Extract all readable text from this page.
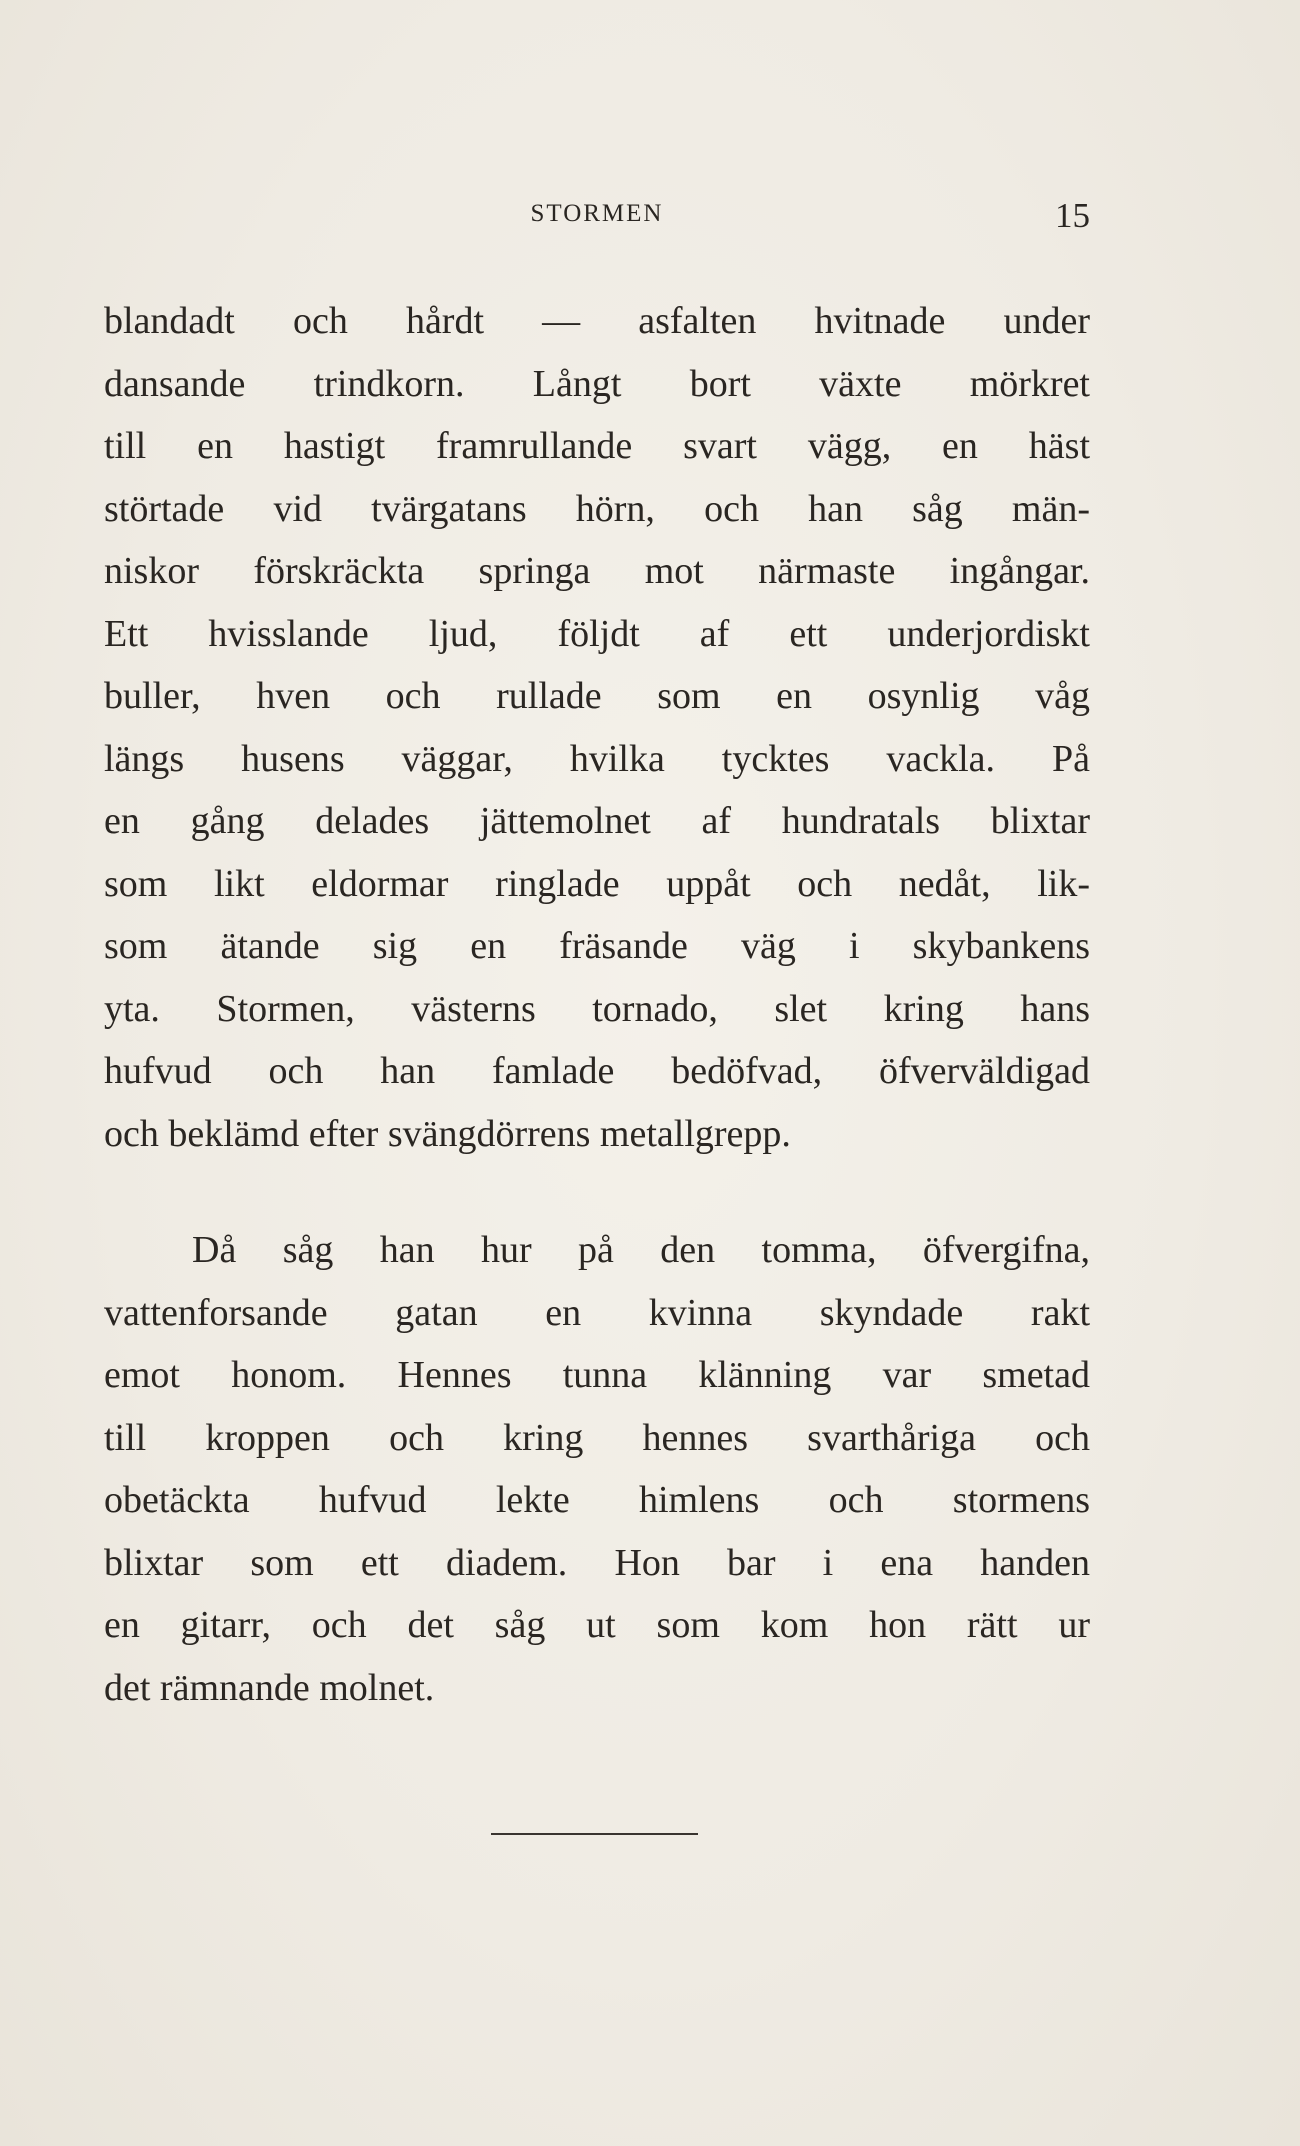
STORMEN	15
blandadt och hårdt — asfalten hvitnade under
dansande trindkorn. Långt bort växte mörkret
till en hastigt framrullande svart vägg, en häst
störtade vid tvärgatans hörn, och han såg män-
niskor förskräckta springa mot närmaste ingångar.
Ett hvisslande ljud, följdt af ett underjordiskt
buller, hven och rullade som en osynlig våg
längs husens väggar, hvilka tycktes vackla. På
en gång delades jättemolnet af hundratals blixtar
som likt eldormar ringlade uppåt och nedåt, lik-
som ätande sig en fräsande väg i skybankens
yta. Stormen, västerns tornado, slet kring hans
hufvud och han famlade bedöfvad, öfverväldigad
och beklämd efter svängdörrens metallgrepp.
Då såg han hur på den tomma, öfvergifna,
vattenforsande gatan en kvinna skyndade rakt
emot honom. Hennes tunna klänning var smetad
till kroppen och kring hennes svarthåriga och
obetäckta hufvud lekte himlens och stormens
blixtar som ett diadem. Hon bar i ena handen
en gitarr, och det såg ut som kom hon rätt ur
det rämnande molnet.
